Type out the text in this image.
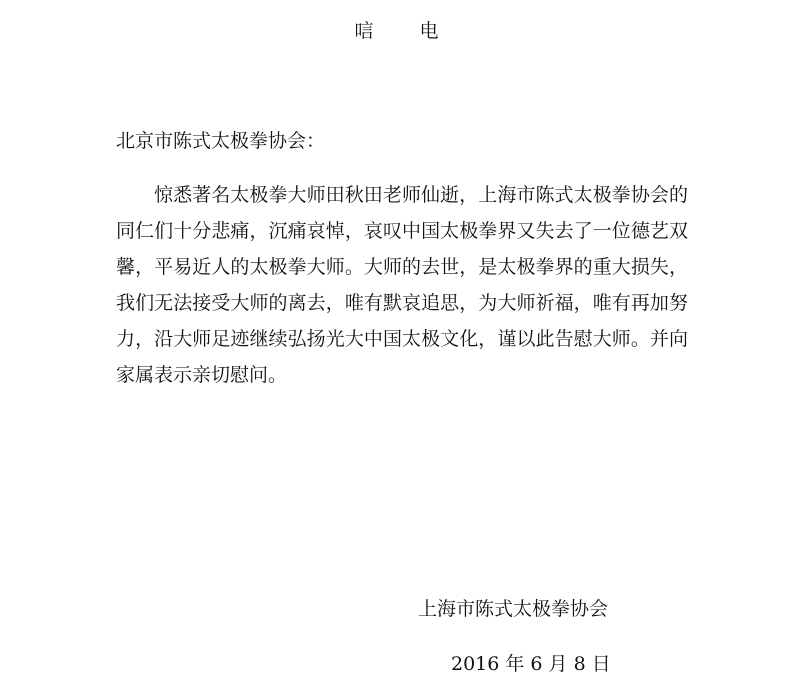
唁 电
北京市陈式太极拳协会：

惊悉著名太极拳大师田秋田老师仙逝，上海市陈式太极拳协会的同仁们十分悲痛，沉痛哀悼，哀叹中国太极拳界又失去了一位德艺双馨，平易近人的太极拳大师。大师的去世，是太极拳界的重大损失，我们无法接受大师的离去，唯有默哀追思，为大师祈福，唯有再加努力，沿大师足迹继续弘扬光大中国太极文化，谨以此告慰大师。并向家属表示亲切慰问。

上海市陈式太极拳协会
2016 年 6 月 8 日
